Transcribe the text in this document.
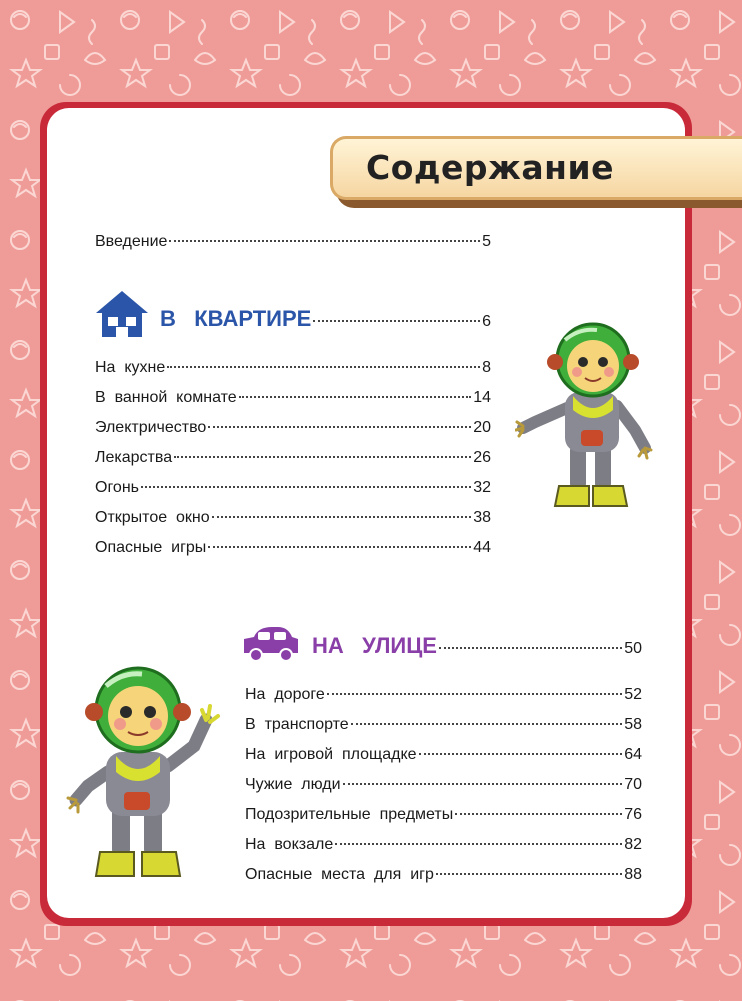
Содержание
Введение	5
В   КВАРТИРЕ	6
На  кухне	8
В  ванной  комнате	14
Электричество	20
Лекарства	26
Огонь	32
Открытое  окно	38
Опасные  игры	44
НА   УЛИЦЕ	50
На  дороге	52
В  транспорте	58
На  игровой  площадке	64
Чужие  люди	70
Подозрительные  предметы	76
На  вокзале	82
Опасные  места  для  игр	88
